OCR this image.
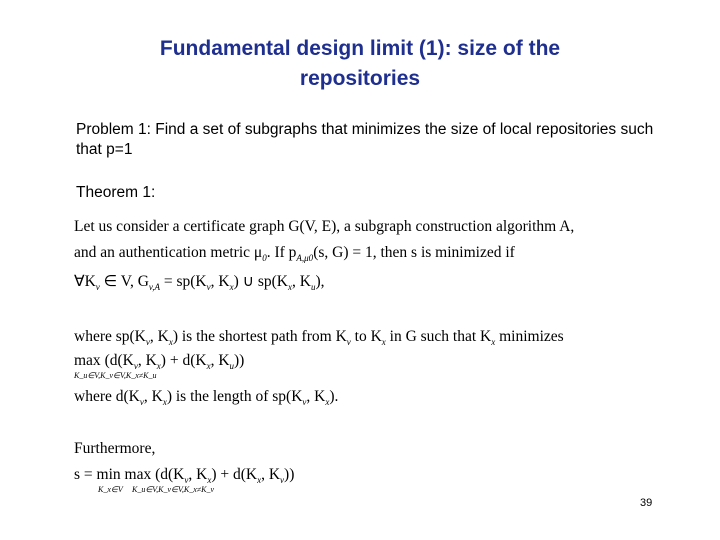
Fundamental design limit (1): size of the
repositories
Problem 1: Find a set of subgraphs that minimizes the size of local repositories such that p=1
Theorem 1:
Let us consider a certificate graph G(V, E), a subgraph construction algorithm A,
and an authentication metric $\mu_0$. If $p_{A,\mu 0}(s$, G) = 1, then s is minimized if
$\forall K_v$ ∈ V, $G_{v,A} = sp(K_v$, $K_x$) ∪ $sp(K_x$, $K_u$),
where $sp(K_v$, $K_x$) is the shortest path from $K_v$ to $K_x$ in G such that $K_x$ minimizes
$\max (d(K_v$, $K_x) + d(K_x$, $K_u$))
K_u∈V,K_v∈V,K_x≠K_u
where $d(K_v$, $K_x$) is the length of $sp(K_v$, $K_x$).
Furthermore,
$s = \min \max (d(K_v$, $K_x) + d(K_x$, $K_v$))
K_x∈V K_u∈V,K_v∈V,K_x≠K_v
39
